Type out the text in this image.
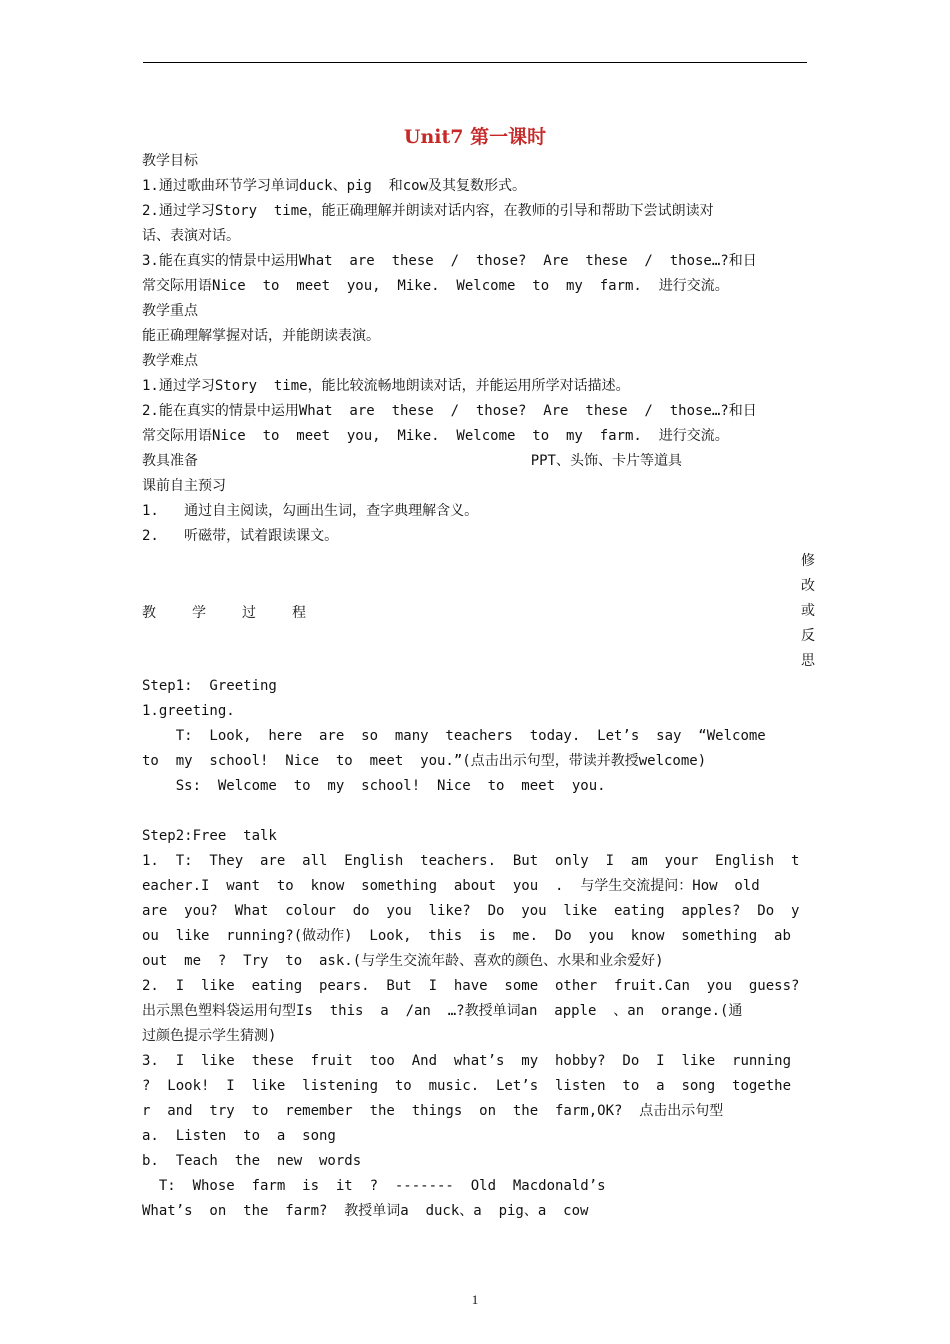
Unit7 第一课时
教学目标
1.通过歌曲环节学习单词duck、pig  和cow及其复数形式。
2.通过学习Story  time，能正确理解并朗读对话内容，在教师的引导和帮助下尝试朗读对
话、表演对话。
3.能在真实的情景中运用What  are  these  /  those?  Are  these  /  those…?和日
常交际用语Nice  to  meet  you,  Mike.  Welcome  to  my  farm.  进行交流。
教学重点
能正确理解掌握对话，并能朗读表演。
教学难点
1.通过学习Story  time，能比较流畅地朗读对话，并能运用所学对话描述。
2.能在真实的情景中运用What  are  these  /  those?  Are  these  /  those…?和日
常交际用语Nice  to  meet  you,  Mike.  Welcome  to  my  farm.  进行交流。
教具准备	PPT、头饰、卡片等道具
课前自主预习
1.   通过自主阅读，勾画出生词，查字典理解含义。
2.   听磁带，试着跟读课文。
教学过程
修
改
或
反
思
Step1:  Greeting
1.greeting.
T:  Look,  here  are  so  many  teachers  today.  Let’s  say  “Welcome
to  my  school!  Nice  to  meet  you.”(点击出示句型，带读并教授welcome)
Ss:  Welcome  to  my  school!  Nice  to  meet  you.
Step2:Free  talk
1.  T:  They  are  all  English  teachers.  But  only  I  am  your  English  t
eacher.I  want  to  know  something  about  you  .  与学生交流提问：How  old
are  you?  What  colour  do  you  like?  Do  you  like  eating  apples?  Do  y
ou  like  running?(做动作)  Look,  this  is  me.  Do  you  know  something  ab
out  me  ?  Try  to  ask.(与学生交流年龄、喜欢的颜色、水果和业余爱好)
2.  I  like  eating  pears.  But  I  have  some  other  fruit.Can  you  guess?
出示黑色塑料袋运用句型Is  this  a  /an  …?教授单词an  apple  、an  orange.(通
过颜色提示学生猜测)
3.  I  like  these  fruit  too  And  what’s  my  hobby?  Do  I  like  running
?  Look!  I  like  listening  to  music.  Let’s  listen  to  a  song  togethe
r  and  try  to  remember  the  things  on  the  farm,OK?  点击出示句型
a.  Listen  to  a  song
b.  Teach  the  new  words
T:  Whose  farm  is  it  ?  -------  Old  Macdonald’s
What’s  on  the  farm?  教授单词a  duck、a  pig、a  cow
1
